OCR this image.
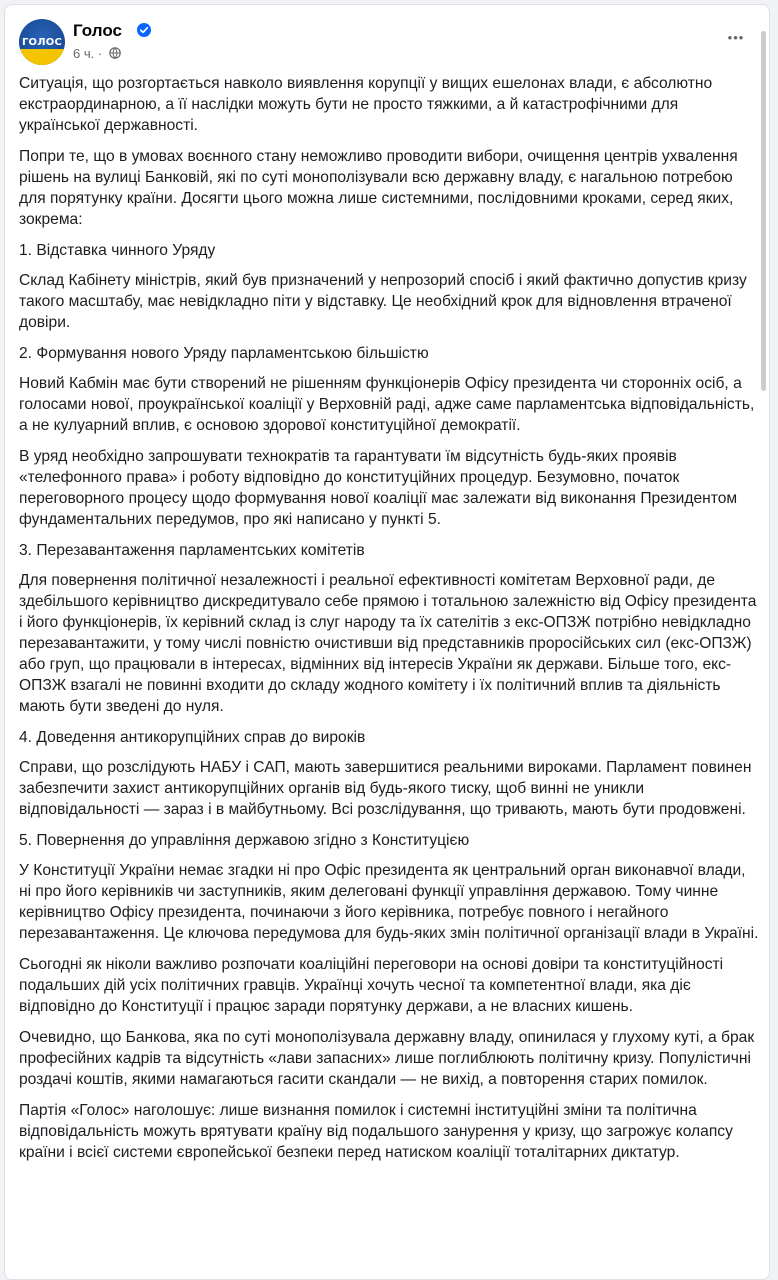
ГОЛОС
Голос
6 ч. ·
•••

Ситуація, що розгортається навколо виявлення корупції у вищих ешелонах влади, є абсолютно екстраординарною, а її наслідки можуть бути не просто тяжкими, а й катастрофічними для української державності.

Попри те, що в умовах воєнного стану неможливо проводити вибори, очищення центрів ухвалення рішень на вулиці Банковій, які по суті монополізували всю державну владу, є нагальною потребою для порятунку країни. Досягти цього можна лише системними, послідовними кроками, серед яких, зокрема:

1. Відставка чинного Уряду

Склад Кабінету міністрів, який був призначений у непрозорий спосіб і який фактично допустив кризу такого масштабу, має невідкладно піти у відставку. Це необхідний крок для відновлення втраченої довіри.

2. Формування нового Уряду парламентською більшістю

Новий Кабмін має бути створений не рішенням функціонерів Офісу президента чи сторонніх осіб, а голосами нової, проукраїнської коаліції у Верховній раді, адже саме парламентська відповідальність, а не кулуарний вплив, є основою здорової конституційної демократії.

В уряд необхідно запрошувати технократів та гарантувати їм відсутність будь-яких проявів «телефонного права» і роботу відповідно до конституційних процедур. Безумовно, початок переговорного процесу щодо формування нової коаліції має залежати від виконання Президентом фундаментальних передумов, про які написано у пункті 5.

3. Перезавантаження парламентських комітетів

Для повернення політичної незалежності і реальної ефективності комітетам Верховної ради, де здебільшого керівництво дискредитувало себе прямою і тотальною залежністю від Офісу президента і його функціонерів, їх керівний склад із слуг народу та їх сателітів з екс-ОПЗЖ потрібно невідкладно перезавантажити, у тому числі повністю очистивши від представників проросійських сил (екс-ОПЗЖ) або груп, що працювали в інтересах, відмінних від інтересів України як держави. Більше того, екс-ОПЗЖ взагалі не повинні входити до складу жодного комітету і їх політичний вплив та діяльність мають бути зведені до нуля.

4. Доведення антикорупційних справ до вироків

Справи, що розслідують НАБУ і САП, мають завершитися реальними вироками. Парламент повинен забезпечити захист антикорупційних органів від будь-якого тиску, щоб винні не уникли відповідальності — зараз і в майбутньому. Всі розслідування, що тривають, мають бути продовжені.

5. Повернення до управління державою згідно з Конституцією

У Конституції України немає згадки ні про Офіс президента як центральний орган виконавчої влади, ні про його керівників чи заступників, яким делеговані функції управління державою. Тому чинне керівництво Офісу президента, починаючи з його керівника, потребує повного і негайного перезавантаження. Це ключова передумова для будь-яких змін політичної організації влади в Україні.

Сьогодні як ніколи важливо розпочати коаліційні переговори на основі довіри та конституційності подальших дій усіх політичних гравців. Українці хочуть чесної та компетентної влади, яка діє відповідно до Конституції і працює заради порятунку держави, а не власних кишень.

Очевидно, що Банкова, яка по суті монополізувала державну владу, опинилася у глухому куті, а брак професійних кадрів та відсутність «лави запасних» лише поглиблюють політичну кризу. Популістичні роздачі коштів, якими намагаються гасити скандали — не вихід, а повторення старих помилок.

Партія «Голос» наголошує: лише визнання помилок і системні інституційні зміни та політична відповідальність можуть врятувати країну від подальшого занурення у кризу, що загрожує колапсу країни і всієї системи європейської безпеки перед натиском коаліції тоталітарних диктатур.
